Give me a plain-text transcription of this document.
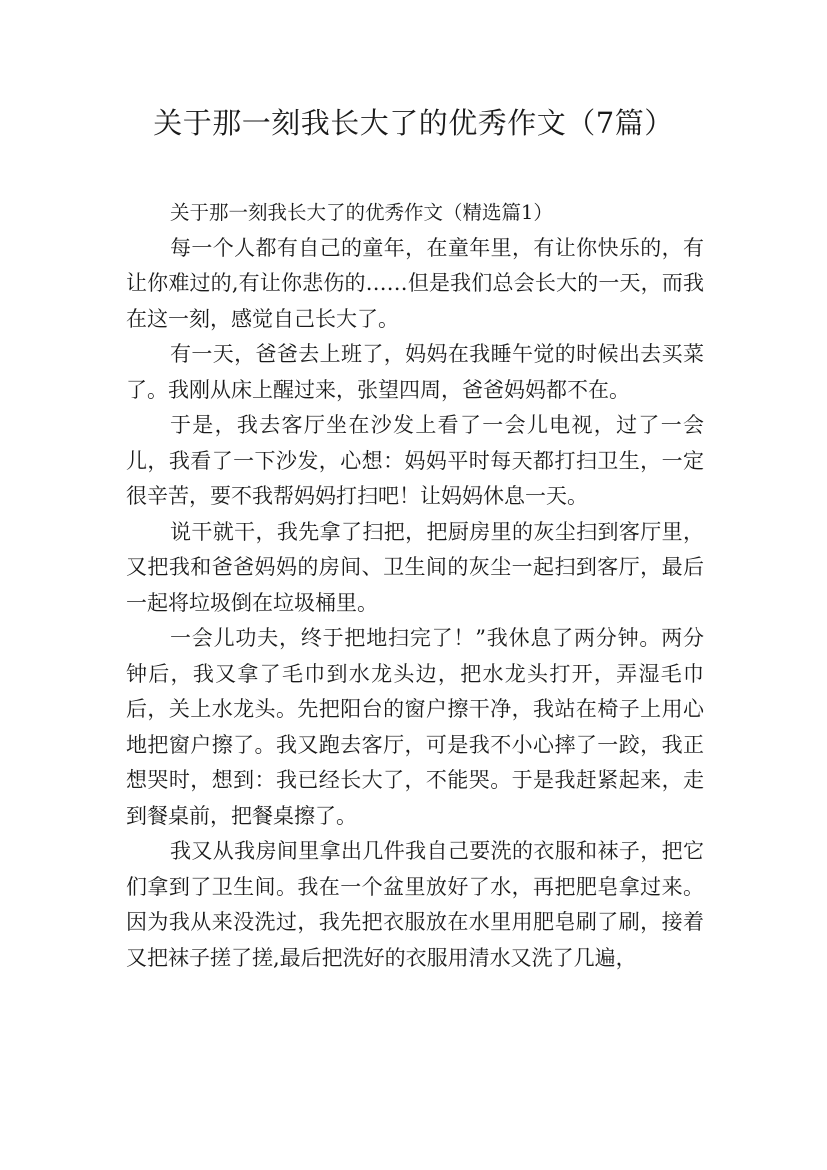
关于那一刻我长大了的优秀作文（7篇）

关于那一刻我长大了的优秀作文（精选篇1）

每一个人都有自己的童年，在童年里，有让你快乐的，有让你难过的,有让你悲伤的……但是我们总会长大的一天，而我在这一刻，感觉自己长大了。

有一天，爸爸去上班了，妈妈在我睡午觉的时候出去买菜了。我刚从床上醒过来，张望四周，爸爸妈妈都不在。

于是，我去客厅坐在沙发上看了一会儿电视，过了一会儿，我看了一下沙发，心想：妈妈平时每天都打扫卫生，一定很辛苦，要不我帮妈妈打扫吧！让妈妈休息一天。

说干就干，我先拿了扫把，把厨房里的灰尘扫到客厅里，又把我和爸爸妈妈的房间、卫生间的灰尘一起扫到客厅，最后一起将垃圾倒在垃圾桶里。

一会儿功夫，终于把地扫完了！”我休息了两分钟。两分钟后，我又拿了毛巾到水龙头边，把水龙头打开，弄湿毛巾后，关上水龙头。先把阳台的窗户擦干净，我站在椅子上用心地把窗户擦了。我又跑去客厅，可是我不小心摔了一跤，我正想哭时，想到：我已经长大了，不能哭。于是我赶紧起来，走到餐桌前，把餐桌擦了。

我又从我房间里拿出几件我自己要洗的衣服和袜子，把它们拿到了卫生间。我在一个盆里放好了水，再把肥皂拿过来。因为我从来没洗过，我先把衣服放在水里用肥皂刷了刷，接着又把袜子搓了搓,最后把洗好的衣服用清水又洗了几遍，
